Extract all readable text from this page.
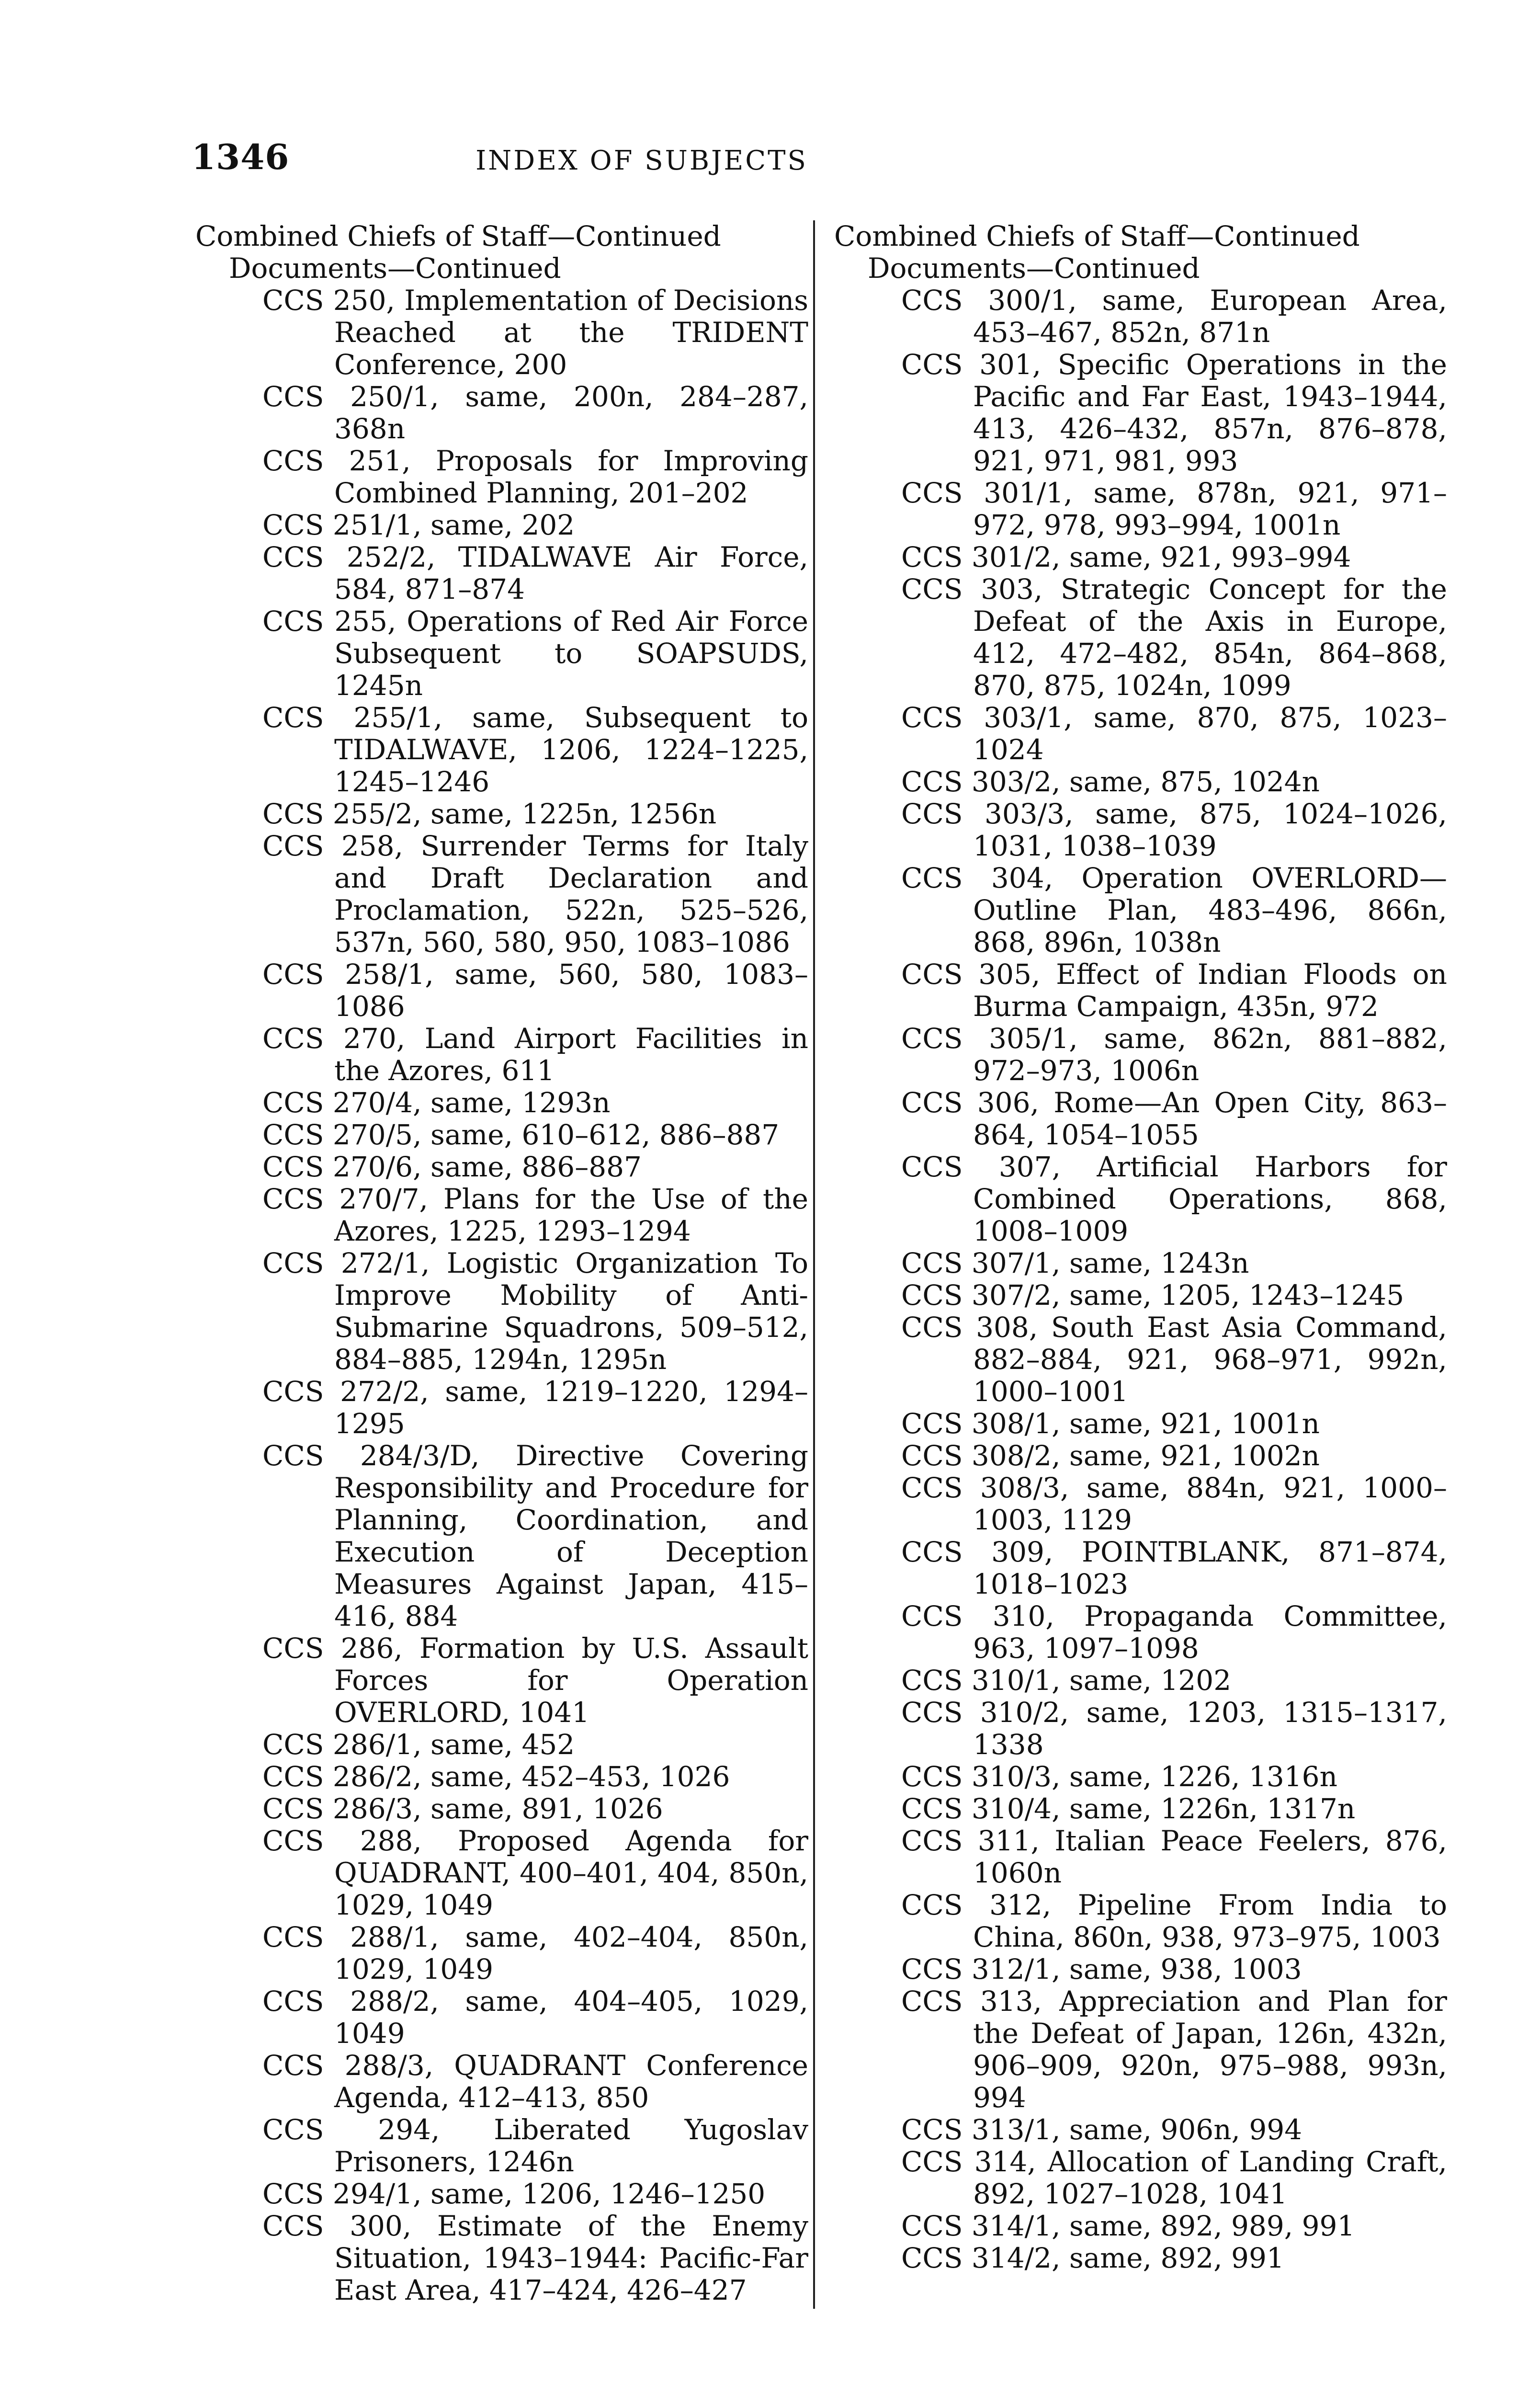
1346	INDEX OF SUBJECTS
Combined Chiefs of Staff—Continued
Documents—Continued

CCS 250, Implementation of Decisions Reached at the TRIDENT Conference, 200

CCS 250/1, same, 200n, 284–287, 368n

CCS 251, Proposals for Improving Combined Planning, 201–202

CCS 251/1, same, 202

CCS 252/2, TIDALWAVE Air Force, 584, 871–874

CCS 255, Operations of Red Air Force Subsequent to SOAPSUDS, 1245n

CCS 255/1, same, Subsequent to TIDALWAVE, 1206, 1224–1225, 1245–1246

CCS 255/2, same, 1225n, 1256n

CCS 258, Surrender Terms for Italy and Draft Declaration and Proclamation, 522n, 525–526, 537n, 560, 580, 950, 1083–1086

CCS 258/1, same, 560, 580, 1083–1086

CCS 270, Land Airport Facilities in the Azores, 611

CCS 270/4, same, 1293n

CCS 270/5, same, 610–612, 886–887

CCS 270/6, same, 886–887

CCS 270/7, Plans for the Use of the Azores, 1225, 1293–1294

CCS 272/1, Logistic Organization To Improve Mobility of Anti-Submarine Squadrons, 509–512, 884–885, 1294n, 1295n

CCS 272/2, same, 1219–1220, 1294–1295

CCS 284/3/D, Directive Covering Responsibility and Procedure for Planning, Coordination, and Execution of Deception Measures Against Japan, 415–416, 884

CCS 286, Formation by U.S. Assault Forces for Operation OVERLORD, 1041

CCS 286/1, same, 452

CCS 286/2, same, 452–453, 1026

CCS 286/3, same, 891, 1026

CCS 288, Proposed Agenda for QUADRANT, 400–401, 404, 850n, 1029, 1049

CCS 288/1, same, 402–404, 850n, 1029, 1049

CCS 288/2, same, 404–405, 1029, 1049

CCS 288/3, QUADRANT Conference Agenda, 412–413, 850

CCS 294, Liberated Yugoslav Prisoners, 1246n

CCS 294/1, same, 1206, 1246–1250

CCS 300, Estimate of the Enemy Situation, 1943–1944: Pacific-Far East Area, 417–424, 426–427

Combined Chiefs of Staff—Continued
Documents—Continued

CCS 300/1, same, European Area, 453–467, 852n, 871n

CCS 301, Specific Operations in the Pacific and Far East, 1943–1944, 413, 426–432, 857n, 876–878, 921, 971, 981, 993

CCS 301/1, same, 878n, 921, 971–972, 978, 993–994, 1001n

CCS 301/2, same, 921, 993–994

CCS 303, Strategic Concept for the Defeat of the Axis in Europe, 412, 472–482, 854n, 864–868, 870, 875, 1024n, 1099

CCS 303/1, same, 870, 875, 1023–1024

CCS 303/2, same, 875, 1024n

CCS 303/3, same, 875, 1024–1026, 1031, 1038–1039

CCS 304, Operation OVERLORD—Outline Plan, 483–496, 866n, 868, 896n, 1038n

CCS 305, Effect of Indian Floods on Burma Campaign, 435n, 972

CCS 305/1, same, 862n, 881–882, 972–973, 1006n

CCS 306, Rome—An Open City, 863–864, 1054–1055

CCS 307, Artificial Harbors for Combined Operations, 868, 1008–1009

CCS 307/1, same, 1243n

CCS 307/2, same, 1205, 1243–1245

CCS 308, South East Asia Command, 882–884, 921, 968–971, 992n, 1000–1001

CCS 308/1, same, 921, 1001n

CCS 308/2, same, 921, 1002n

CCS 308/3, same, 884n, 921, 1000–1003, 1129

CCS 309, POINTBLANK, 871–874, 1018–1023

CCS 310, Propaganda Committee, 963, 1097–1098

CCS 310/1, same, 1202

CCS 310/2, same, 1203, 1315–1317, 1338

CCS 310/3, same, 1226, 1316n

CCS 310/4, same, 1226n, 1317n

CCS 311, Italian Peace Feelers, 876, 1060n

CCS 312, Pipeline From India to China, 860n, 938, 973–975, 1003

CCS 312/1, same, 938, 1003

CCS 313, Appreciation and Plan for the Defeat of Japan, 126n, 432n, 906–909, 920n, 975–988, 993n, 994

CCS 313/1, same, 906n, 994

CCS 314, Allocation of Landing Craft, 892, 1027–1028, 1041

CCS 314/1, same, 892, 989, 991

CCS 314/2, same, 892, 991
